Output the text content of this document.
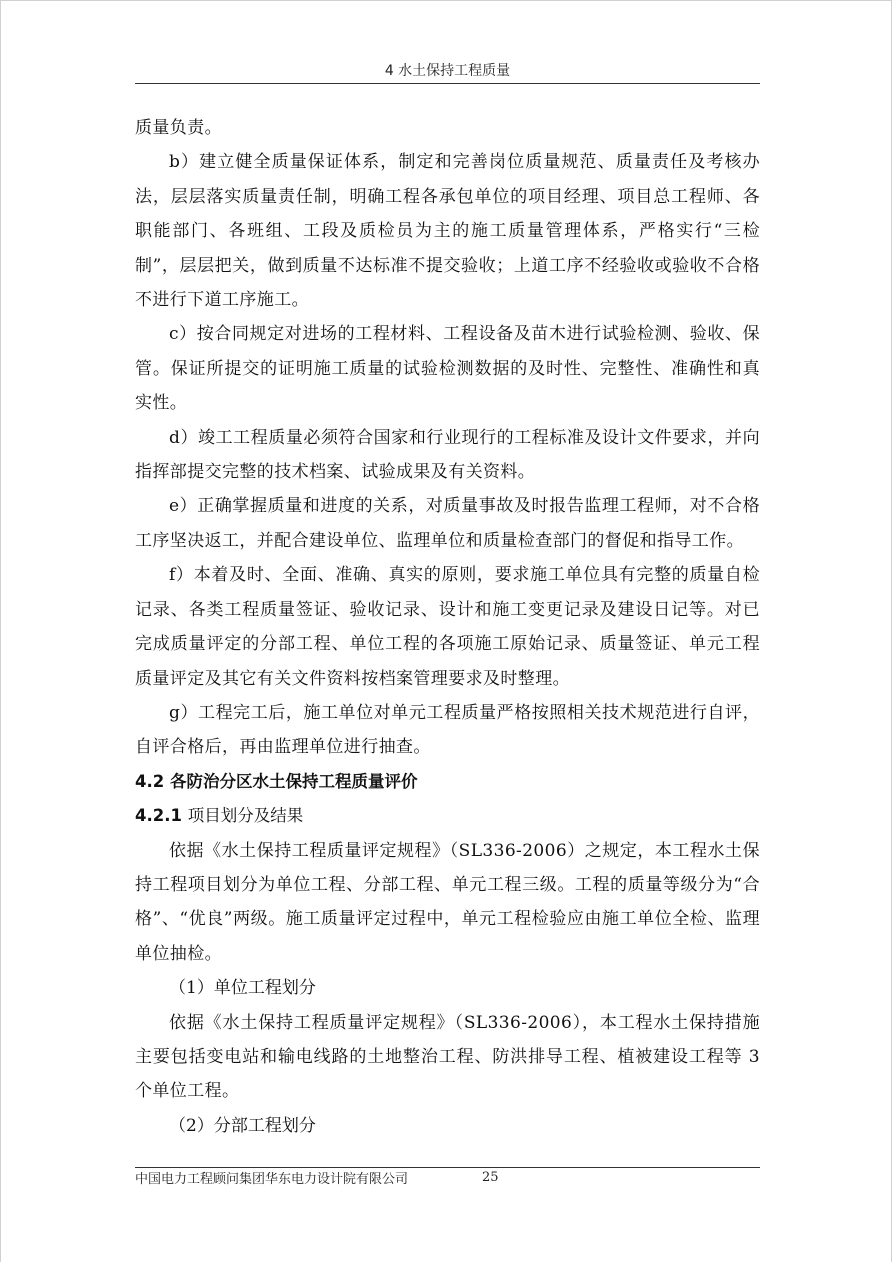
4 水土保持工程质量

质量负责。

b）建立健全质量保证体系，制定和完善岗位质量规范、质量责任及考核办法，层层落实质量责任制，明确工程各承包单位的项目经理、项目总工程师、各职能部门、各班组、工段及质检员为主的施工质量管理体系，严格实行“三检制”，层层把关，做到质量不达标准不提交验收；上道工序不经验收或验收不合格不进行下道工序施工。

c）按合同规定对进场的工程材料、工程设备及苗木进行试验检测、验收、保管。保证所提交的证明施工质量的试验检测数据的及时性、完整性、准确性和真实性。

d）竣工工程质量必须符合国家和行业现行的工程标准及设计文件要求，并向指挥部提交完整的技术档案、试验成果及有关资料。

e）正确掌握质量和进度的关系，对质量事故及时报告监理工程师，对不合格工序坚决返工，并配合建设单位、监理单位和质量检查部门的督促和指导工作。

f）本着及时、全面、准确、真实的原则，要求施工单位具有完整的质量自检记录、各类工程质量签证、验收记录、设计和施工变更记录及建设日记等。对已完成质量评定的分部工程、单位工程的各项施工原始记录、质量签证、单元工程质量评定及其它有关文件资料按档案管理要求及时整理。

g）工程完工后，施工单位对单元工程质量严格按照相关技术规范进行自评，自评合格后，再由监理单位进行抽查。

4.2 各防治分区水土保持工程质量评价

4.2.1 项目划分及结果

依据《水土保持工程质量评定规程》（SL336-2006）之规定，本工程水土保持工程项目划分为单位工程、分部工程、单元工程三级。工程的质量等级分为“合格”、“优良”两级。施工质量评定过程中，单元工程检验应由施工单位全检、监理单位抽检。

（1）单位工程划分

依据《水土保持工程质量评定规程》（SL336-2006），本工程水土保持措施主要包括变电站和输电线路的土地整治工程、防洪排导工程、植被建设工程等 3 个单位工程。

（2）分部工程划分

中国电力工程顾问集团华东电力设计院有限公司	25
